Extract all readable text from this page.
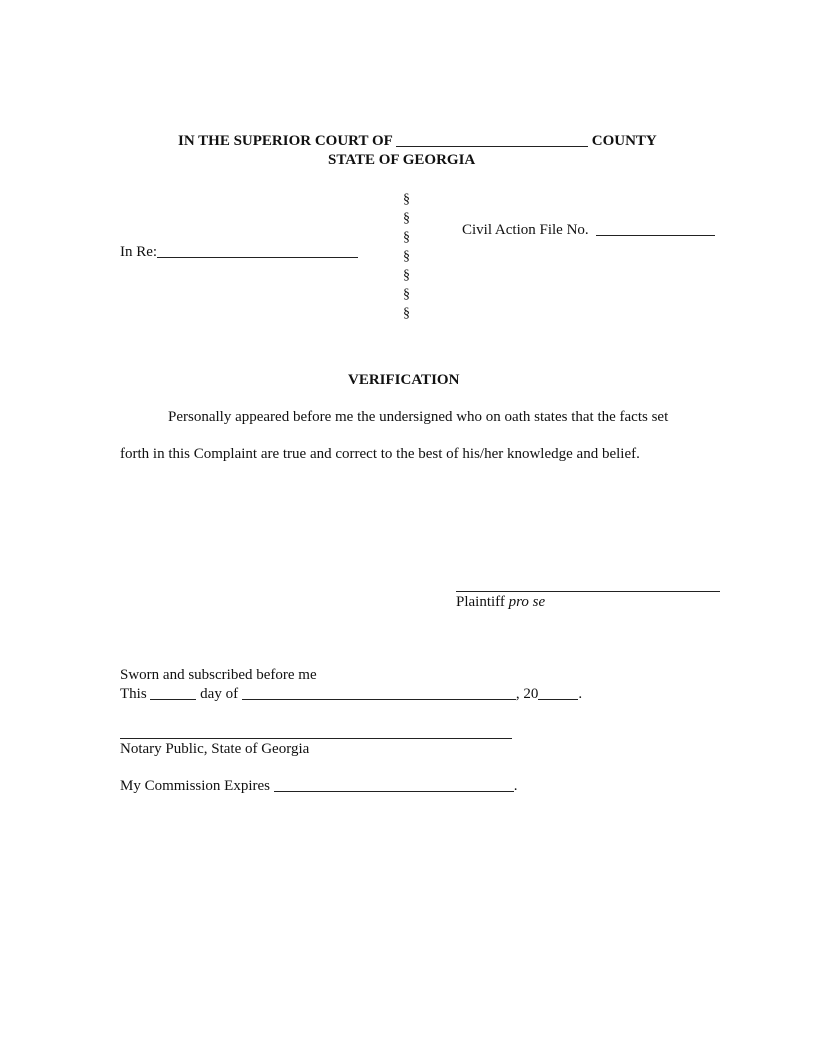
IN THE SUPERIOR COURT OF	COUNTY
STATE OF GEORGIA
§
§
§
§
§
§
§
In Re:
Civil Action File No.
VERIFICATION
Personally appeared before me the undersigned who on oath states that the facts set
forth in this Complaint are true and correct to the best of his/her knowledge and belief.
Plaintiff pro se
Sworn and subscribed before me
This	day of	, 20	.
Notary Public, State of Georgia
My Commission Expires	.
